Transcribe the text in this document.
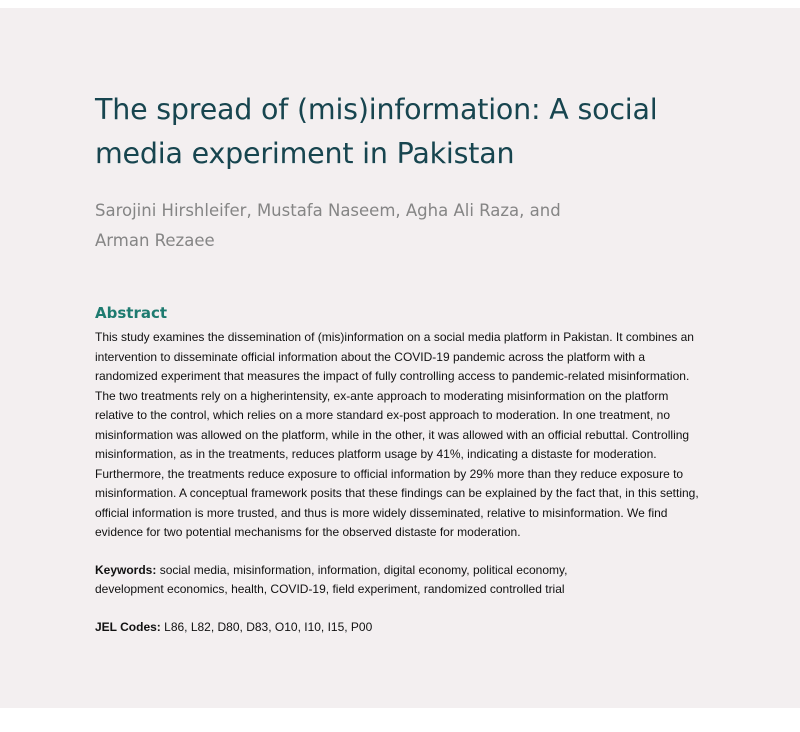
The spread of (mis)information: A social media experiment in Pakistan
Sarojini Hirshleifer, Mustafa Naseem, Agha Ali Raza, and Arman Rezaee
Abstract

This study examines the dissemination of (mis)information on a social media platform in Pakistan. It combines an intervention to disseminate official information about the COVID-19 pandemic across the platform with a randomized experiment that measures the impact of fully controlling access to pandemic-related misinformation. The two treatments rely on a higherintensity, ex-ante approach to moderating misinformation on the platform relative to the control, which relies on a more standard ex-post approach to moderation. In one treatment, no misinformation was allowed on the platform, while in the other, it was allowed with an official rebuttal. Controlling misinformation, as in the treatments, reduces platform usage by 41%, indicating a distaste for moderation. Furthermore, the treatments reduce exposure to official information by 29% more than they reduce exposure to misinformation. A conceptual framework posits that these findings can be explained by the fact that, in this setting, official information is more trusted, and thus is more widely disseminated, relative to misinformation. We find evidence for two potential mechanisms for the observed distaste for moderation.

Keywords: social media, misinformation, information, digital economy, political economy, development economics, health, COVID-19, field experiment, randomized controlled trial

JEL Codes: L86, L82, D80, D83, O10, I10, I15, P00
